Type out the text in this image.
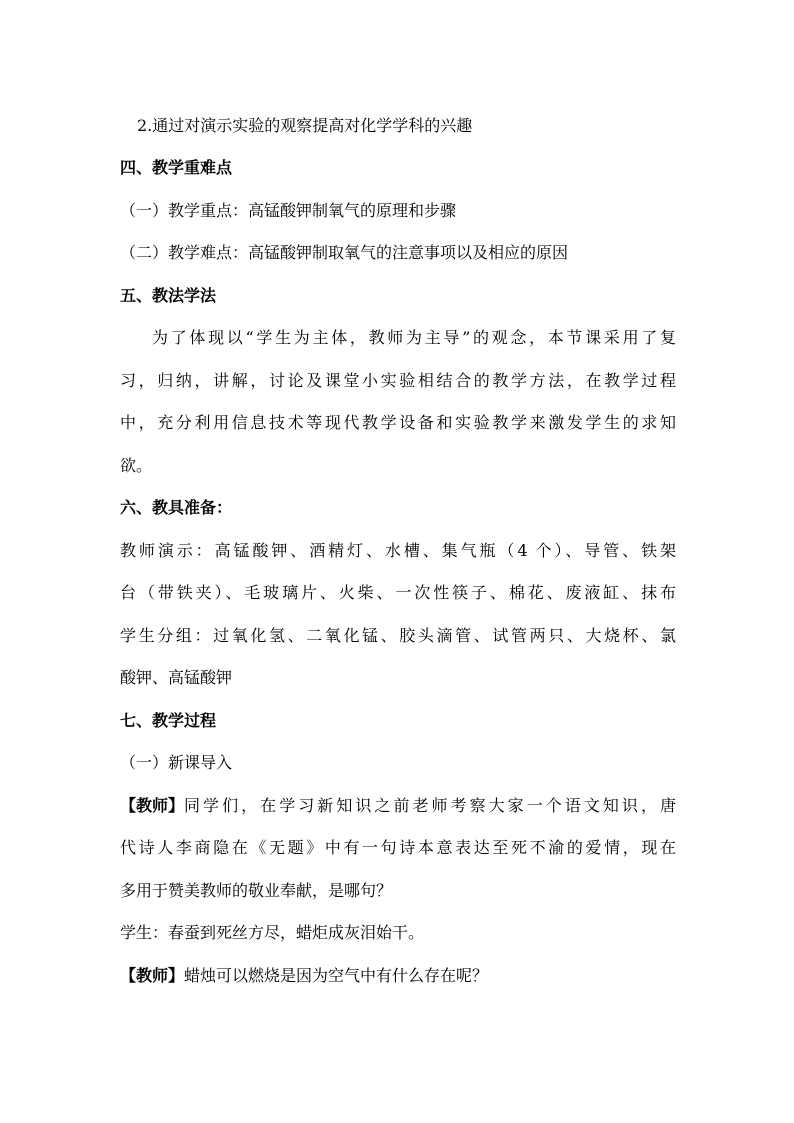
2.通过对演示实验的观察提高对化学学科的兴趣
四、教学重难点
（一）教学重点：高锰酸钾制氧气的原理和步骤
（二）教学难点：高锰酸钾制取氧气的注意事项以及相应的原因
五、教法学法
为了体现以“学生为主体，教师为主导”的观念，本节课采用了复
习，归纳，讲解，讨论及课堂小实验相结合的教学方法，在教学过程
中，充分利用信息技术等现代教学设备和实验教学来激发学生的求知
欲。
六、教具准备：
教师演示：高锰酸钾、酒精灯、水槽、集气瓶（4 个）、导管、铁架
台（带铁夹）、毛玻璃片、火柴、一次性筷子、棉花、废液缸、抹布
学生分组：过氧化氢、二氧化锰、胶头滴管、试管两只、大烧杯、氯
酸钾、高锰酸钾
七、教学过程
（一）新课导入
【教师】 同学们，在学习新知识之前老师考察大家一个语文知识，唐
代诗人李商隐在《无题》中有一句诗本意表达至死不渝的爱情，现在
多用于赞美教师的敬业奉献，是哪句？
学生：春蚕到死丝方尽，蜡炬成灰泪始干。
【教师】蜡烛可以燃烧是因为空气中有什么存在呢？
